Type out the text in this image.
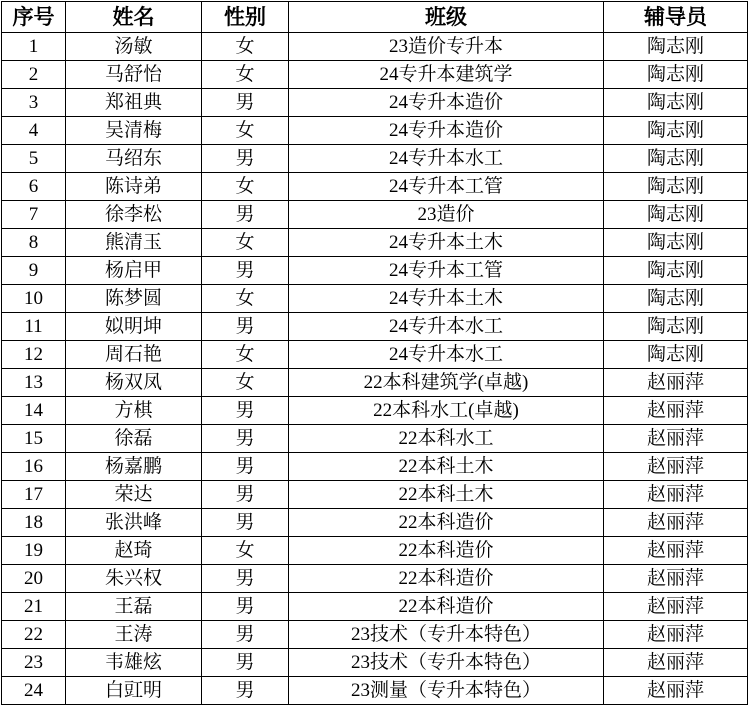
序号	姓名	性别	班级	辅导员
1	汤敏	女	23造价专升本	陶志刚
2	马舒怡	女	24专升本建筑学	陶志刚
3	郑祖典	男	24专升本造价	陶志刚
4	吴清梅	女	24专升本造价	陶志刚
5	马绍东	男	24专升本水工	陶志刚
6	陈诗弟	女	24专升本工管	陶志刚
7	徐李松	男	23造价	陶志刚
8	熊清玉	女	24专升本土木	陶志刚
9	杨启甲	男	24专升本工管	陶志刚
10	陈梦圆	女	24专升本土木	陶志刚
11	姒明坤	男	24专升本水工	陶志刚
12	周石艳	女	24专升本水工	陶志刚
13	杨双凤	女	22本科建筑学(卓越)	赵丽萍
14	方棋	男	22本科水工(卓越)	赵丽萍
15	徐磊	男	22本科水工	赵丽萍
16	杨嘉鹏	男	22本科土木	赵丽萍
17	荣达	男	22本科土木	赵丽萍
18	张洪峰	男	22本科造价	赵丽萍
19	赵琦	女	22本科造价	赵丽萍
20	朱兴权	男	22本科造价	赵丽萍
21	王磊	男	22本科造价	赵丽萍
22	王涛	男	23技术（专升本特色）	赵丽萍
23	韦雄炫	男	23技术（专升本特色）	赵丽萍
24	白豇明	男	23测量（专升本特色）	赵丽萍
